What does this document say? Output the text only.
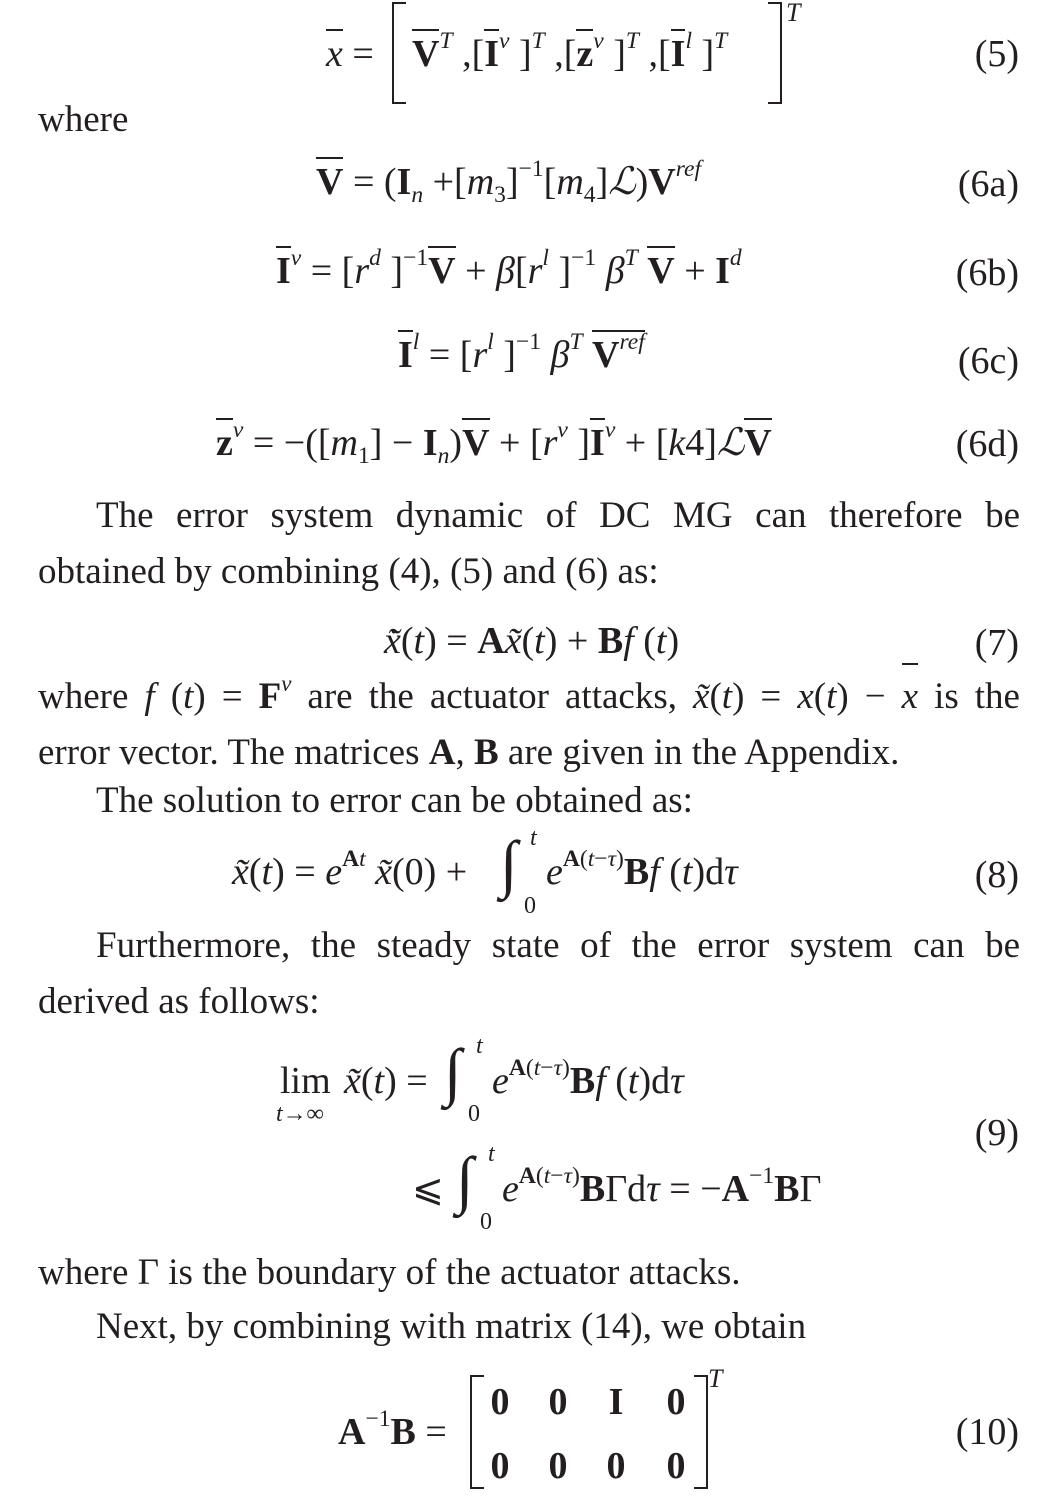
$x = V^T$ $,[I^v$ ]$^T$ $,[z^v$ ]$^T$ $,[I^l$ ]$^T$
T
(5)
where
$V = (I_n$ $+[m_3]^{-1}[m_4]ℒ)V^{ref}$	(6a)
$I^v = [r^d$ ]$^{-1}V + \beta[r^l$ ]$^{-1}$ $\beta^T$ $V + I^d$	(6b)
$I^l = [r^l$ ]$^{-1}$ $\beta^T$ $V^{ref}$	(6c)
$z^v = -([m_1] - I_n)V + [r^v$ ]$I^v$ + [k4]ℒV	(6d)
The error system dynamic of DC MG can therefore be
obtained by combining (4), (5) and (6) as:
x̃̇(t) = Ax̃(t) + Bf (t)	(7)
where f $(t) = F^v$ are the actuator attacks, x̃(t) = x(t) − x is the
error vector. The matrices A, B are given in the Appendix.
The solution to error can be obtained as:
x̃(t) = $e^{At}$ x̃(0) + ∫ t
0
$e^{A(t-\tau)}Bf$ (t)dτ	(8)
Furthermore, the steady state of the error system can be
derived as follows:
lim
t→∞
x̃(t) = ∫ t
0
$e^{A(t-\tau)}Bf$ (t)dτ
(9)
⩽ ∫ t
0
$e^{A(t-\tau)}B\Gamma d\tau = -A^{-1}B\Gamma$
where Γ is the boundary of the actuator attacks.
Next, by combining with matrix (14), we obtain
$A^{-1}B$ =
0 0	I	0
0 0 0 0
T
(10)
